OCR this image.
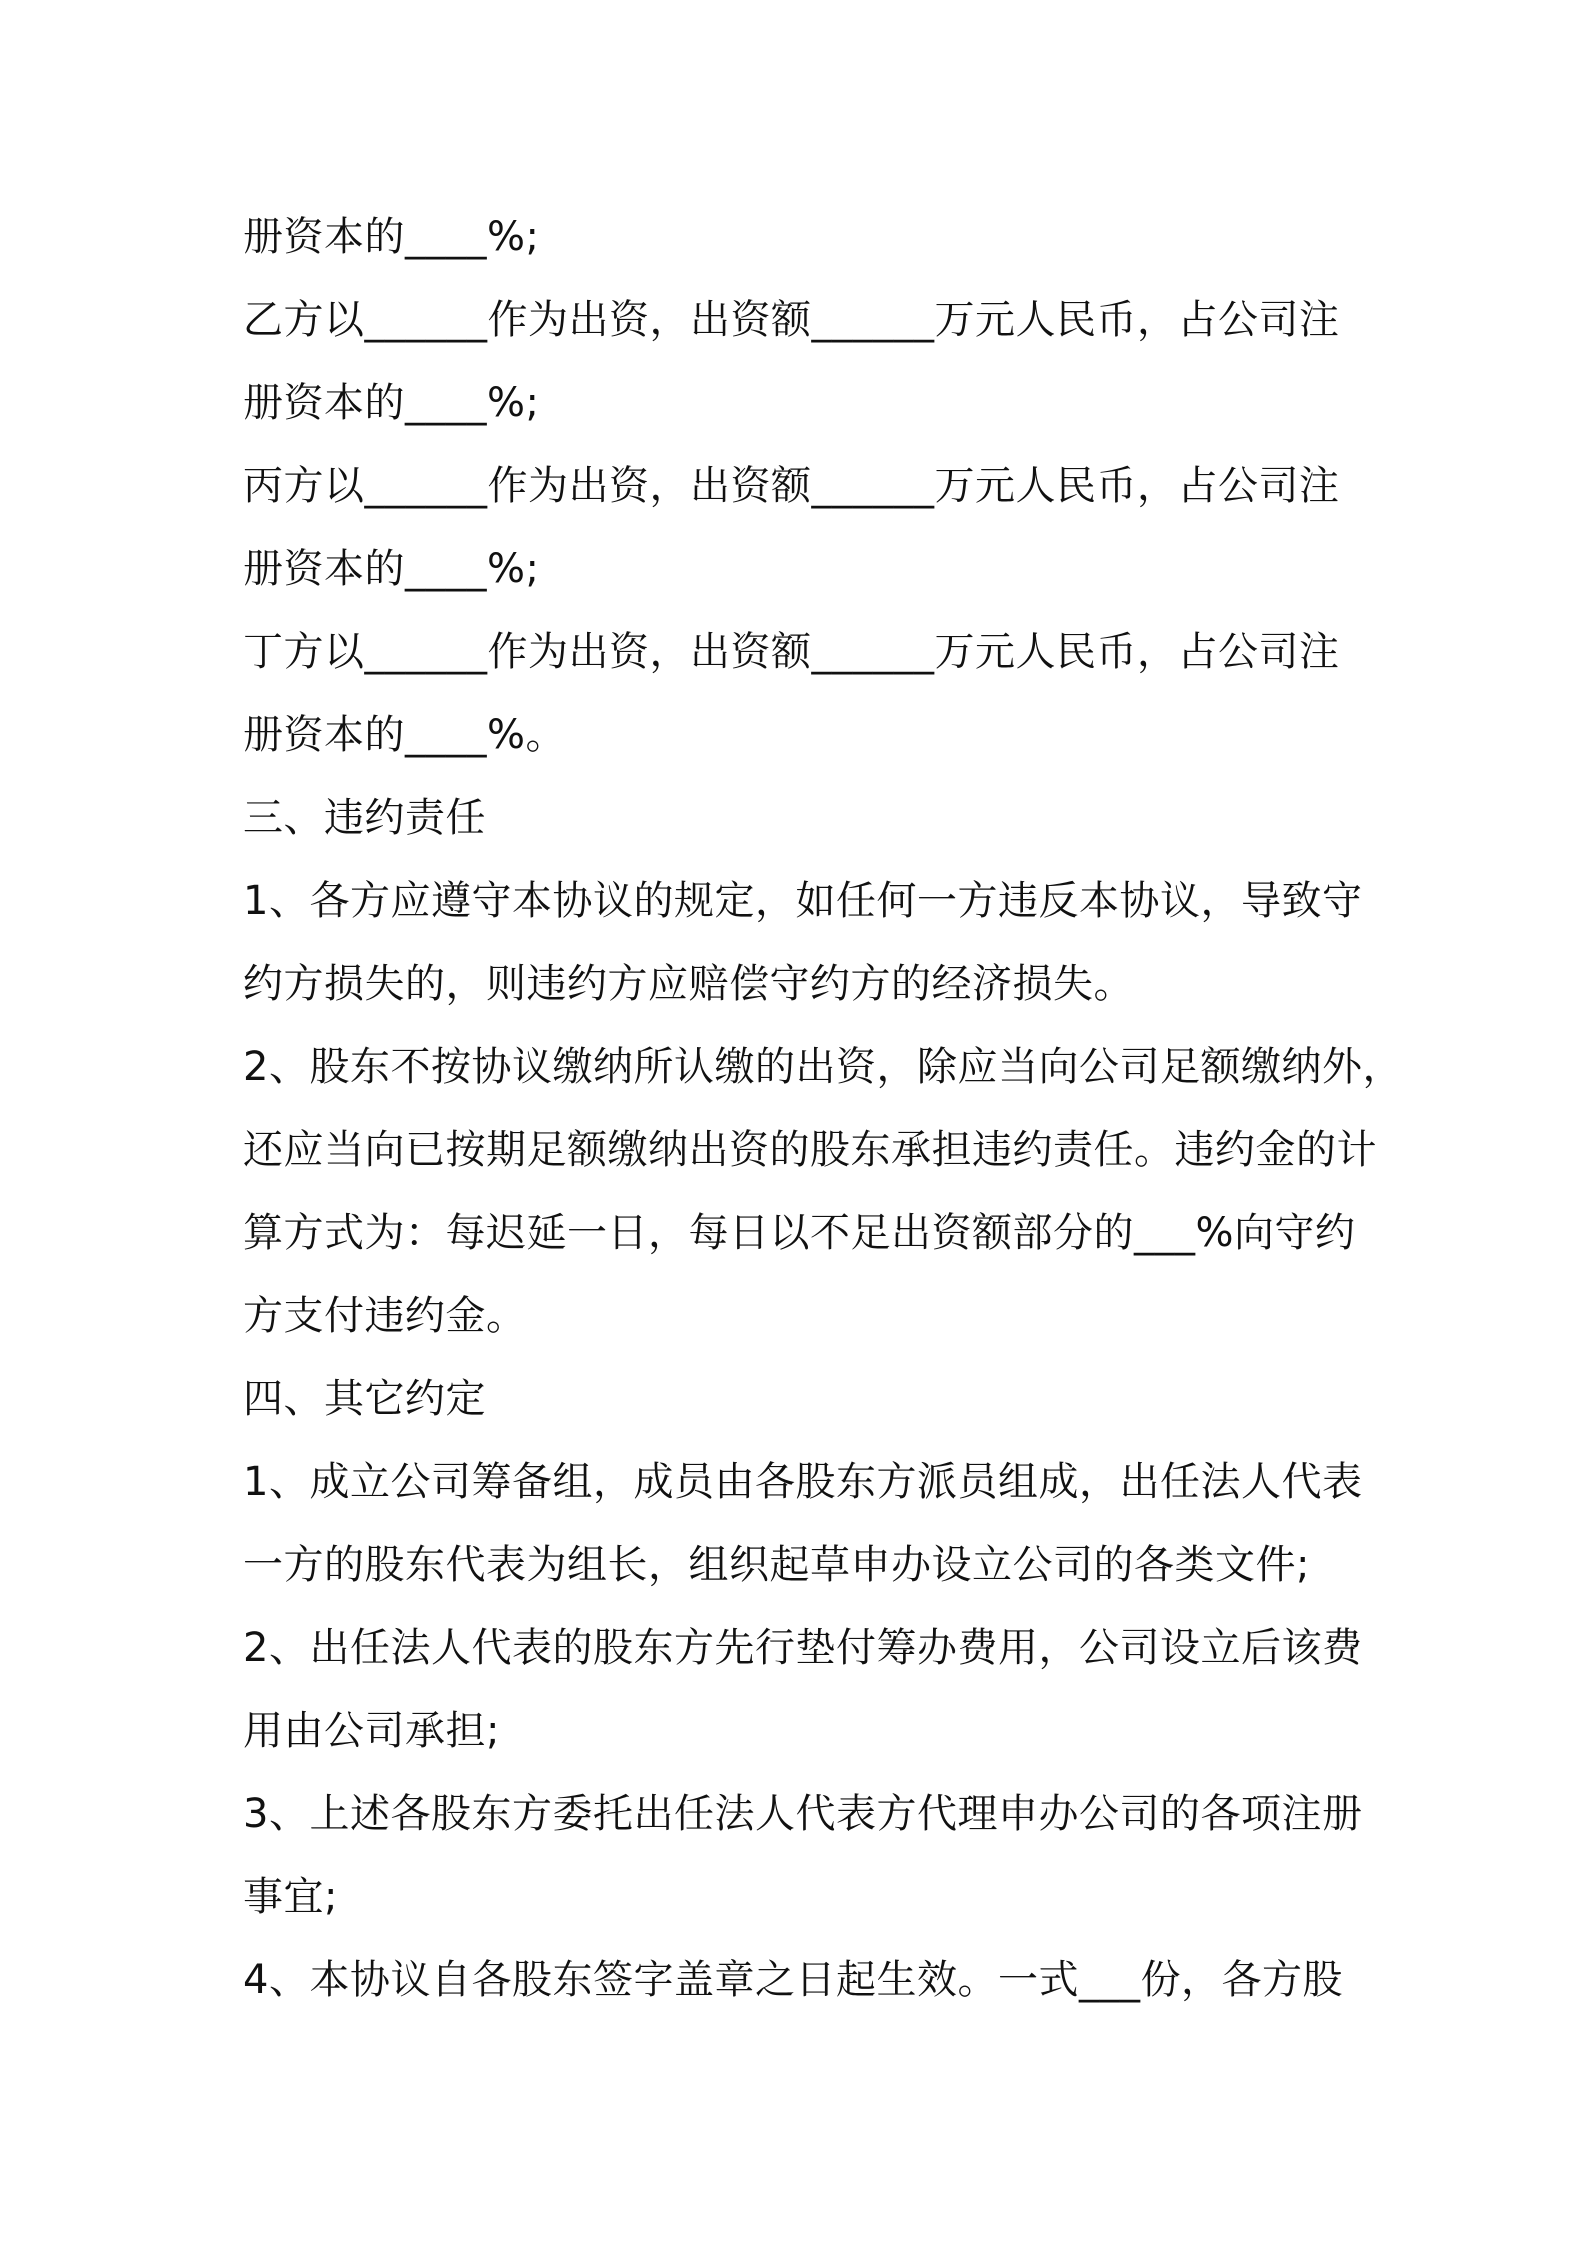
册资本的____%;
乙方以______作为出资，出资额______万元人民币，占公司注
册资本的____%;
丙方以______作为出资，出资额______万元人民币，占公司注
册资本的____%;
丁方以______作为出资，出资额______万元人民币，占公司注
册资本的____%。
三、违约责任
1、各方应遵守本协议的规定，如任何一方违反本协议，导致守
约方损失的，则违约方应赔偿守约方的经济损失。
2、股东不按协议缴纳所认缴的出资，除应当向公司足额缴纳外，
还应当向已按期足额缴纳出资的股东承担违约责任。违约金的计
算方式为：每迟延一日，每日以不足出资额部分的___%向守约
方支付违约金。
四、其它约定
1、成立公司筹备组，成员由各股东方派员组成，出任法人代表
一方的股东代表为组长，组织起草申办设立公司的各类文件;
2、出任法人代表的股东方先行垫付筹办费用，公司设立后该费
用由公司承担;
3、上述各股东方委托出任法人代表方代理申办公司的各项注册
事宜;
4、本协议自各股东签字盖章之日起生效。一式___份，各方股
